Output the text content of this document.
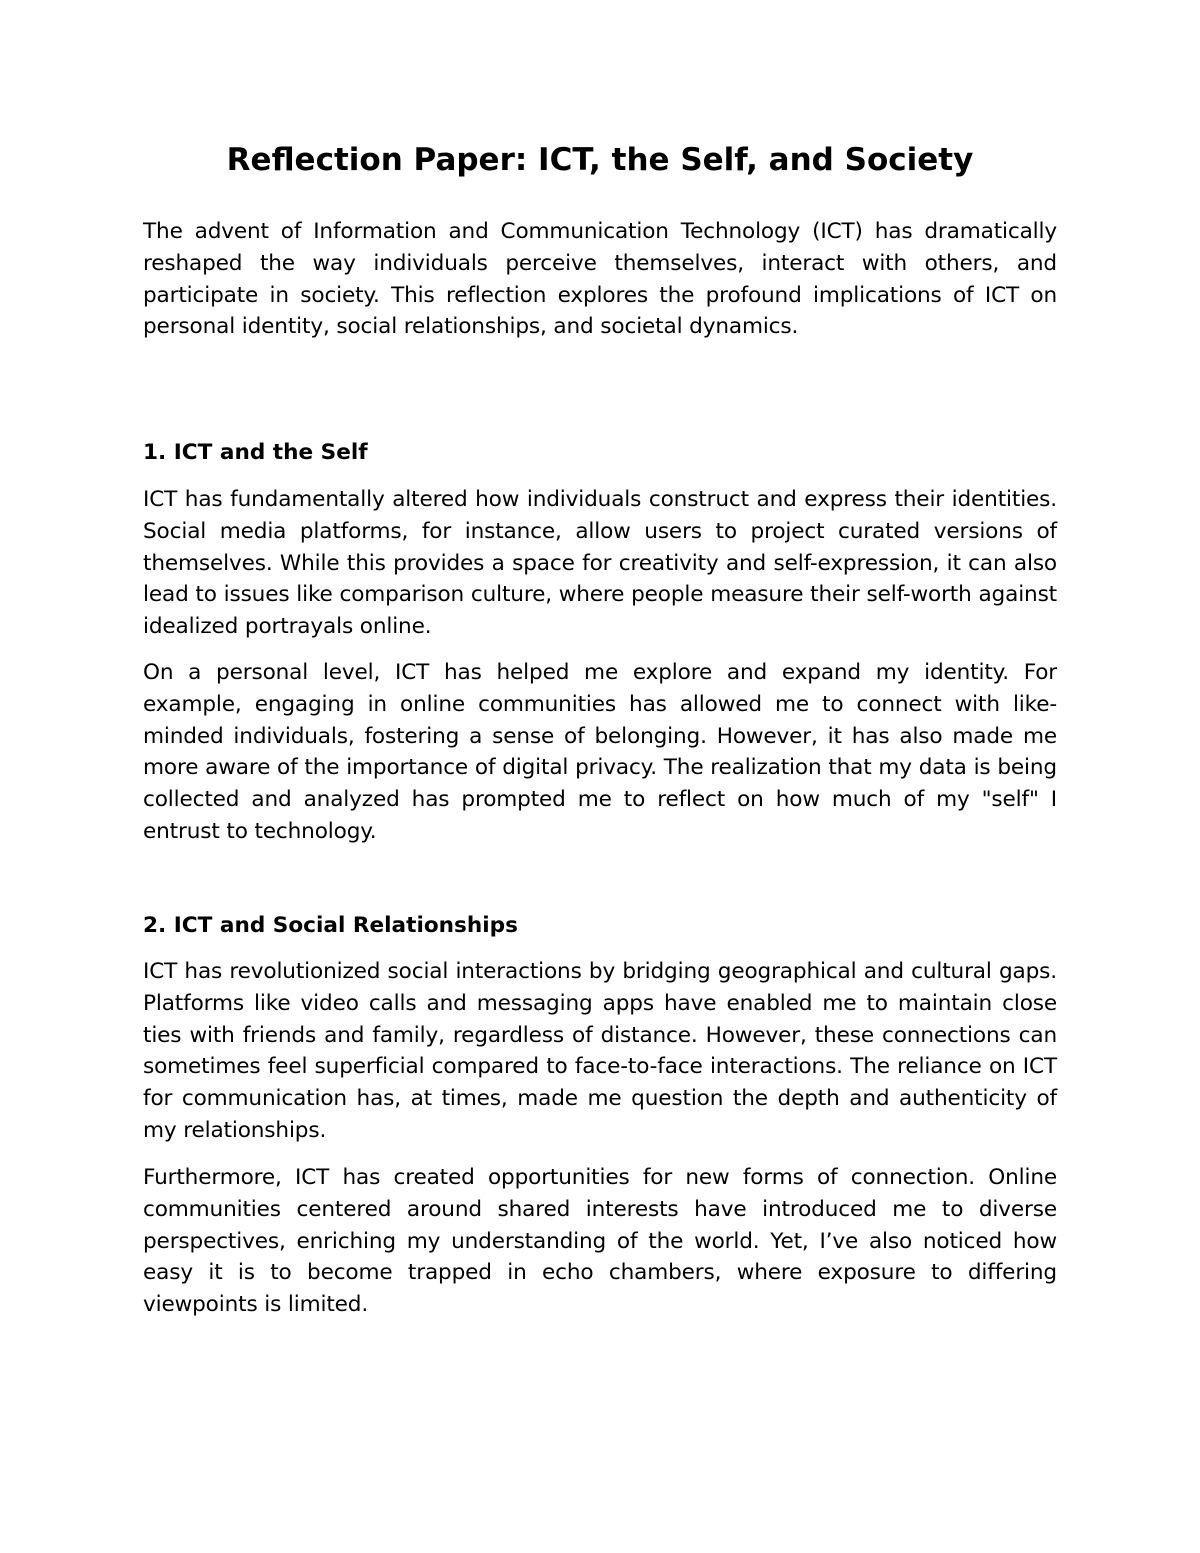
Reflection Paper: ICT, the Self, and Society

The advent of Information and Communication Technology (ICT) has dramatically reshaped the way individuals perceive themselves, interact with others, and participate in society. This reflection explores the profound implications of ICT on personal identity, social relationships, and societal dynamics.

1. ICT and the Self

ICT has fundamentally altered how individuals construct and express their identities. Social media platforms, for instance, allow users to project curated versions of themselves. While this provides a space for creativity and self-expression, it can also lead to issues like comparison culture, where people measure their self-worth against idealized portrayals online.

On a personal level, ICT has helped me explore and expand my identity. For example, engaging in online communities has allowed me to connect with like-minded individuals, fostering a sense of belonging. However, it has also made me more aware of the importance of digital privacy. The realization that my data is being collected and analyzed has prompted me to reflect on how much of my "self" I entrust to technology.

2. ICT and Social Relationships

ICT has revolutionized social interactions by bridging geographical and cultural gaps. Platforms like video calls and messaging apps have enabled me to maintain close ties with friends and family, regardless of distance. However, these connections can sometimes feel superficial compared to face-to-face interactions. The reliance on ICT for communication has, at times, made me question the depth and authenticity of my relationships.

Furthermore, ICT has created opportunities for new forms of connection. Online communities centered around shared interests have introduced me to diverse perspectives, enriching my understanding of the world. Yet, I’ve also noticed how easy it is to become trapped in echo chambers, where exposure to differing viewpoints is limited.
